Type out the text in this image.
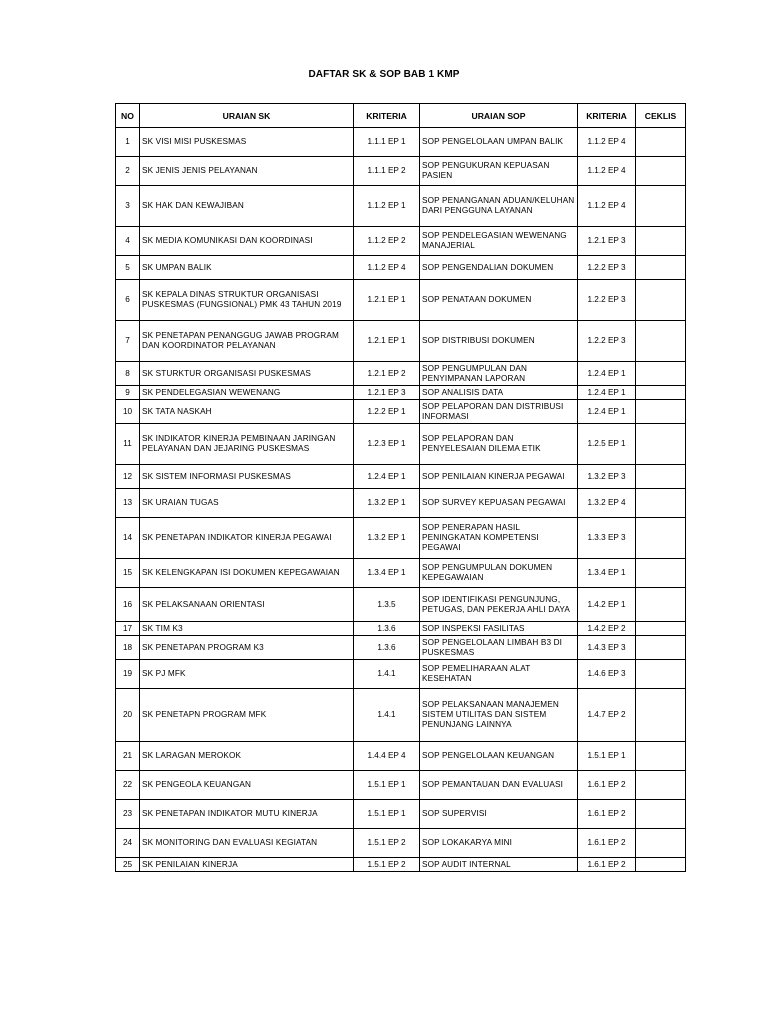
DAFTAR SK & SOP BAB 1 KMP
NO	URAIAN SK	KRITERIA	URAIAN SOP	KRITERIA	CEKLIS
1	SK VISI MISI PUSKESMAS	1.1.1 EP 1	SOP PENGELOLAAN UMPAN BALIK	1.1.2 EP 4	
2	SK JENIS JENIS PELAYANAN	1.1.1 EP 2	SOP PENGUKURAN KEPUASAN PASIEN	1.1.2 EP 4	
3	SK HAK DAN KEWAJIBAN	1.1.2 EP 1	SOP PENANGANAN ADUAN/KELUHAN DARI PENGGUNA LAYANAN	1.1.2 EP 4	
4	SK MEDIA KOMUNIKASI DAN KOORDINASI	1.1.2 EP 2	SOP PENDELEGASIAN WEWENANG MANAJERIAL	1.2.1 EP 3	
5	SK UMPAN BALIK	1.1.2 EP 4	SOP PENGENDALIAN DOKUMEN	1.2.2 EP 3	
6	SK KEPALA DINAS STRUKTUR ORGANISASI PUSKESMAS (FUNGSIONAL) PMK 43 TAHUN 2019	1.2.1 EP 1	SOP PENATAAN DOKUMEN	1.2.2 EP 3	
7	SK PENETAPAN PENANGGUG JAWAB PROGRAM DAN KOORDINATOR PELAYANAN	1.2.1 EP 1	SOP DISTRIBUSI DOKUMEN	1.2.2 EP 3	
8	SK STURKTUR ORGANISASI PUSKESMAS	1.2.1 EP 2	SOP PENGUMPULAN DAN PENYIMPANAN LAPORAN	1.2.4 EP 1	
9	SK PENDELEGASIAN WEWENANG	1.2.1 EP 3	SOP ANALISIS DATA	1.2.4 EP 1	
10	SK TATA NASKAH	1.2.2 EP 1	SOP PELAPORAN DAN DISTRIBUSI INFORMASI	1.2.4 EP 1	
11	SK INDIKATOR KINERJA PEMBINAAN JARINGAN PELAYANAN DAN JEJARING PUSKESMAS	1.2.3 EP 1	SOP PELAPORAN DAN PENYELESAIAN DILEMA ETIK	1.2.5 EP 1	
12	SK SISTEM INFORMASI PUSKESMAS	1.2.4 EP 1	SOP PENILAIAN KINERJA PEGAWAI	1.3.2 EP 3	
13	SK URAIAN TUGAS	1.3.2 EP 1	SOP SURVEY KEPUASAN PEGAWAI	1.3.2 EP 4	
14	SK PENETAPAN INDIKATOR KINERJA PEGAWAI	1.3.2 EP 1	SOP PENERAPAN HASIL PENINGKATAN KOMPETENSI PEGAWAI	1.3.3 EP 3	
15	SK KELENGKAPAN ISI DOKUMEN KEPEGAWAIAN	1.3.4 EP 1	SOP PENGUMPULAN DOKUMEN KEPEGAWAIAN	1.3.4 EP 1	
16	SK PELAKSANAAN ORIENTASI	1.3.5	SOP IDENTIFIKASI PENGUNJUNG, PETUGAS, DAN PEKERJA AHLI DAYA	1.4.2 EP 1	
17	SK TIM K3	1.3.6	SOP INSPEKSI FASILITAS	1.4.2 EP 2	
18	SK PENETAPAN PROGRAM K3	1.3.6	SOP PENGELOLAAN LIMBAH B3 DI PUSKESMAS	1.4.3 EP 3	
19	SK PJ MFK	1.4.1	SOP PEMELIHARAAN ALAT KESEHATAN	1.4.6 EP 3	
20	SK PENETAPN PROGRAM MFK	1.4.1	SOP PELAKSANAAN MANAJEMEN SISTEM UTILITAS DAN SISTEM PENUNJANG LAINNYA	1.4.7 EP 2	
21	SK LARAGAN MEROKOK	1.4.4 EP 4	SOP PENGELOLAAN KEUANGAN	1.5.1 EP 1	
22	SK PENGEOLA KEUANGAN	1.5.1 EP 1	SOP PEMANTAUAN DAN EVALUASI	1.6.1 EP 2	
23	SK PENETAPAN INDIKATOR MUTU KINERJA	1.5.1 EP 1	SOP SUPERVISI	1.6.1 EP 2	
24	SK MONITORING DAN EVALUASI KEGIATAN	1.5.1 EP 2	SOP LOKAKARYA MINI	1.6.1 EP 2	
25	SK PENILAIAN KINERJA	1.5.1 EP 2	SOP AUDIT INTERNAL	1.6.1 EP 2	
